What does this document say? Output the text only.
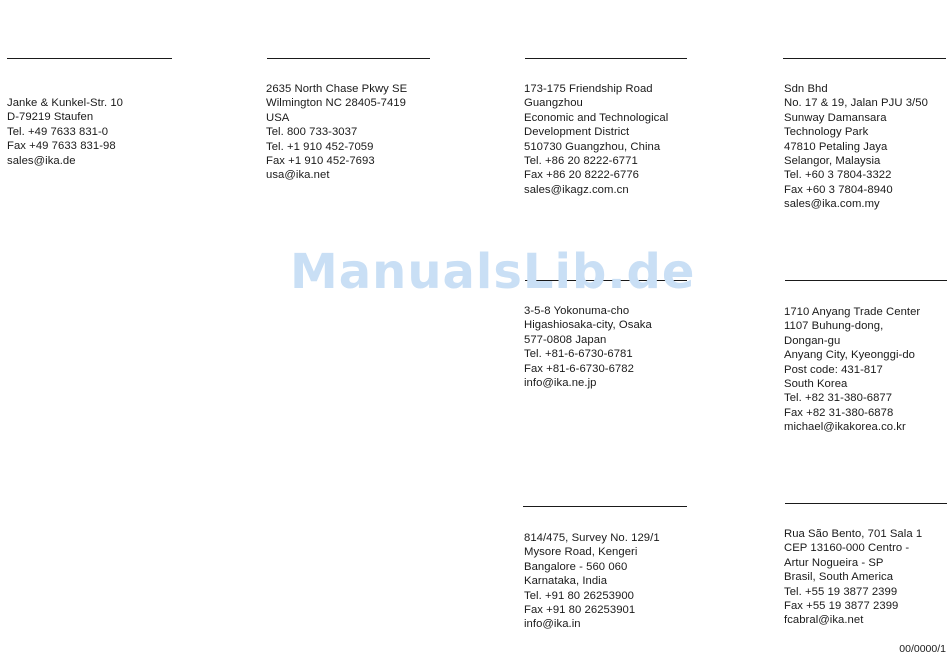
Janke & Kunkel-Str. 10
D-79219 Staufen
Tel. +49 7633 831-0
Fax +49 7633 831-98
sales@ika.de
2635 North Chase Pkwy SE
Wilmington NC 28405-7419
USA
Tel. 800 733-3037
Tel. +1 910 452-7059
Fax +1 910 452-7693
usa@ika.net
173-175 Friendship Road
Guangzhou
Economic and Technological
Development District
510730 Guangzhou, China
Tel. +86 20 8222-6771
Fax +86 20 8222-6776
sales@ikagz.com.cn
Sdn Bhd
No. 17 & 19, Jalan PJU 3/50
Sunway Damansara
Technology Park
47810 Petaling Jaya
Selangor, Malaysia
Tel. +60 3 7804-3322
Fax +60 3 7804-8940
sales@ika.com.my
3-5-8 Yokonuma-cho
Higashiosaka-city, Osaka
577-0808 Japan
Tel. +81-6-6730-6781
Fax +81-6-6730-6782
info@ika.ne.jp
1710 Anyang Trade Center
1107 Buhung-dong,
Dongan-gu
Anyang City, Kyeonggi-do
Post code: 431-817
South Korea
Tel. +82 31-380-6877
Fax +82 31-380-6878
michael@ikakorea.co.kr
814/475, Survey No. 129/1
Mysore Road, Kengeri
Bangalore - 560 060
Karnataka, India
Tel. +91 80 26253900
Fax +91 80 26253901
info@ika.in
Rua São Bento, 701 Sala 1
CEP 13160-000 Centro -
Artur Nogueira - SP
Brasil, South America
Tel. +55 19 3877 2399
Fax +55 19 3877 2399
fcabral@ika.net
ManualsLib.de
00/0000/1
